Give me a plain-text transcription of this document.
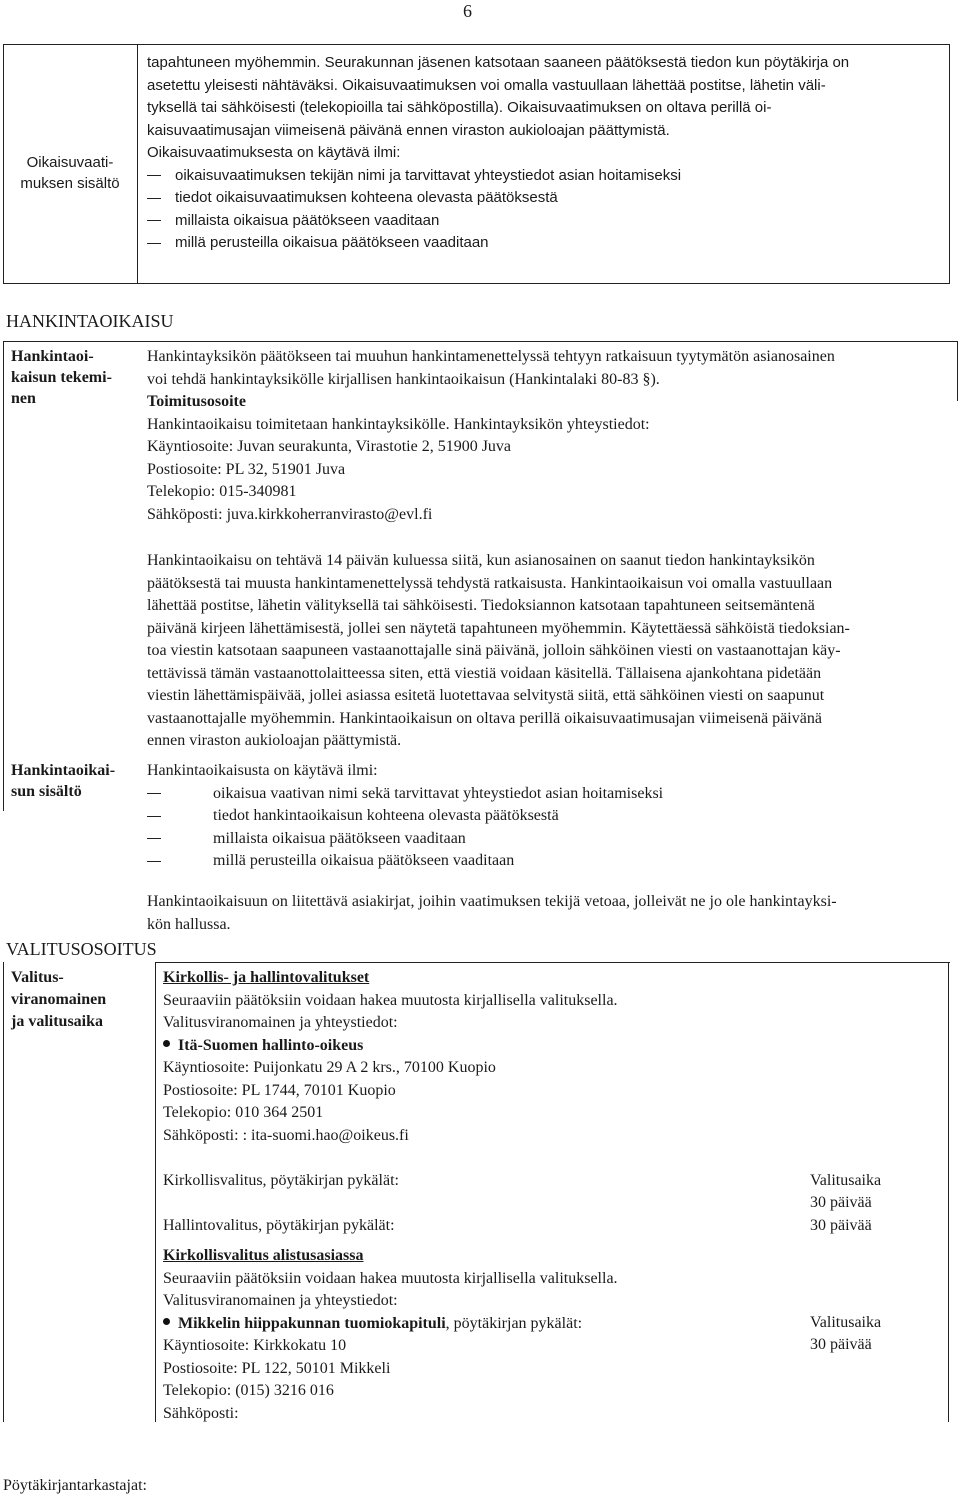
6
Oikaisuvaati-
muksen sisältö
tapahtuneen myöhemmin. Seurakunnan jäsenen katsotaan saaneen päätöksestä tiedon kun pöytäkirja on
asetettu yleisesti nähtäväksi. Oikaisuvaatimuksen voi omalla vastuullaan lähettää postitse, lähetin väli-
tyksellä tai sähköisesti (telekopioilla tai sähköpostilla). Oikaisuvaatimuksen on oltava perillä oi-
kaisuvaatimusajan viimeisenä päivänä ennen viraston aukioloajan päättymistä.
Oikaisuvaatimuksesta on käytävä ilmi:
oikaisuvaatimuksen tekijän nimi ja tarvittavat yhteystiedot asian hoitamiseksi
tiedot oikaisuvaatimuksen kohteena olevasta päätöksestä
millaista oikaisua päätökseen vaaditaan
millä perusteilla oikaisua päätökseen vaaditaan
HANKINTAOIKAISU
Hankintaoi-
kaisun tekemi-
nen
Hankintayksikön päätökseen tai muuhun hankintamenettelyssä tehtyyn ratkaisuun tyytymätön asianosainen
voi tehdä hankintayksikölle kirjallisen hankintaoikaisun (Hankintalaki 80-83 §).
Toimitusosoite
Hankintaoikaisu toimitetaan hankintayksikölle. Hankintayksikön yhteystiedot:
Käyntiosoite: Juvan seurakunta, Virastotie 2, 51900 Juva
Postiosoite: PL 32, 51901 Juva
Telekopio: 015-340981
Sähköposti: juva.kirkkoherranvirasto@evl.fi
Hankintaoikaisu on tehtävä 14 päivän kuluessa siitä, kun asianosainen on saanut tiedon hankintayksikön
päätöksestä tai muusta hankintamenettelyssä tehdystä ratkaisusta. Hankintaoikaisun voi omalla vastuullaan
lähettää postitse, lähetin välityksellä tai sähköisesti. Tiedoksiannon katsotaan tapahtuneen seitsemäntenä
päivänä kirjeen lähettämisestä, jollei sen näytetä tapahtuneen myöhemmin. Käytettäessä sähköistä tiedoksian-
toa viestin katsotaan saapuneen vastaanottajalle sinä päivänä, jolloin sähköinen viesti on vastaanottajan käy-
tettävissä tämän vastaanottolaitteessa siten, että viestiä voidaan käsitellä. Tällaisena ajankohtana pidetään
viestin lähettämispäivää, jollei asiassa esitetä luotettavaa selvitystä siitä, että sähköinen viesti on saapunut
vastaanottajalle myöhemmin. Hankintaoikaisun on oltava perillä oikaisuvaatimusajan viimeisenä päivänä
ennen viraston aukioloajan päättymistä.
Hankintaoikai-
sun sisältö
Hankintaoikaisusta on käytävä ilmi:
oikaisua vaativan nimi sekä tarvittavat yhteystiedot asian hoitamiseksi
tiedot hankintaoikaisun kohteena olevasta päätöksestä
millaista oikaisua päätökseen vaaditaan
millä perusteilla oikaisua päätökseen vaaditaan
Hankintaoikaisuun on liitettävä asiakirjat, joihin vaatimuksen tekijä vetoaa, jolleivät ne jo ole hankintayksi-
kön hallussa.
VALITUSOSOITUS
Valitus-
viranomainen
ja valitusaika
Kirkollis- ja hallintovalitukset
Seuraaviin päätöksiin voidaan hakea muutosta kirjallisella valituksella.
Valitusviranomainen ja yhteystiedot:
Itä-Suomen hallinto-oikeus
Käyntiosoite: Puijonkatu 29 A 2 krs., 70100 Kuopio
Postiosoite: PL 1744, 70101 Kuopio
Telekopio: 010 364 2501
Sähköposti: : ita-suomi.hao@oikeus.fi
Kirkollisvalitus, pöytäkirjan pykälät:
Hallintovalitus, pöytäkirjan pykälät:
Valitusaika
30 päivää
30 päivää
Kirkollisvalitus alistusasiassa
Seuraaviin päätöksiin voidaan hakea muutosta kirjallisella valituksella.
Valitusviranomainen ja yhteystiedot:
Mikkelin hiippakunnan tuomiokapituli, pöytäkirjan pykälät:
Käyntiosoite: Kirkkokatu 10
Postiosoite: PL 122, 50101 Mikkeli
Telekopio: (015) 3216 016
Sähköposti:
Valitusaika
30 päivää
Pöytäkirjantarkastajat:
